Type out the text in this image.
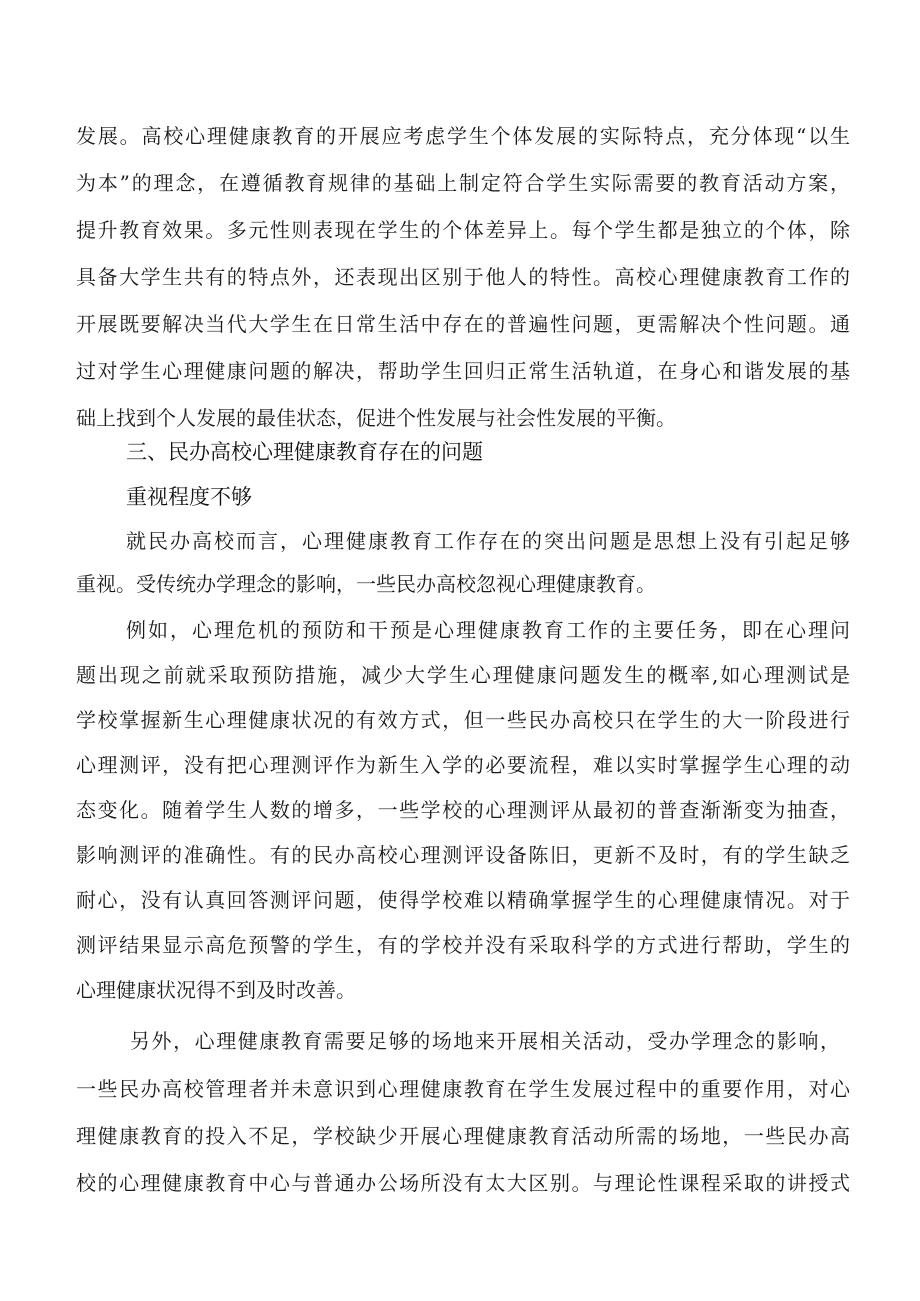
发展。高校心理健康教育的开展应考虑学生个体发展的实际特点，充分体现“以生

为本”的理念，在遵循教育规律的基础上制定符合学生实际需要的教育活动方案，

提升教育效果。多元性则表现在学生的个体差异上。每个学生都是独立的个体，除

具备大学生共有的特点外，还表现出区别于他人的特性。高校心理健康教育工作的

开展既要解决当代大学生在日常生活中存在的普遍性问题，更需解决个性问题。通

过对学生心理健康问题的解决，帮助学生回归正常生活轨道，在身心和谐发展的基

础上找到个人发展的最佳状态，促进个性发展与社会性发展的平衡。

三、民办高校心理健康教育存在的问题

重视程度不够

就民办高校而言，心理健康教育工作存在的突出问题是思想上没有引起足够

重视。受传统办学理念的影响，一些民办高校忽视心理健康教育。

例如，心理危机的预防和干预是心理健康教育工作的主要任务，即在心理问

题出现之前就采取预防措施，减少大学生心理健康问题发生的概率,如心理测试是

学校掌握新生心理健康状况的有效方式，但一些民办高校只在学生的大一阶段进行

心理测评，没有把心理测评作为新生入学的必要流程，难以实时掌握学生心理的动

态变化。随着学生人数的增多，一些学校的心理测评从最初的普查渐渐变为抽查，

影响测评的准确性。有的民办高校心理测评设备陈旧，更新不及时，有的学生缺乏

耐心，没有认真回答测评问题，使得学校难以精确掌握学生的心理健康情况。对于

测评结果显示高危预警的学生，有的学校并没有采取科学的方式进行帮助，学生的

心理健康状况得不到及时改善。

另外，心理健康教育需要足够的场地来开展相关活动，受办学理念的影响，

一些民办高校管理者并未意识到心理健康教育在学生发展过程中的重要作用，对心

理健康教育的投入不足，学校缺少开展心理健康教育活动所需的场地，一些民办高

校的心理健康教育中心与普通办公场所没有太大区别。与理论性课程采取的讲授式
